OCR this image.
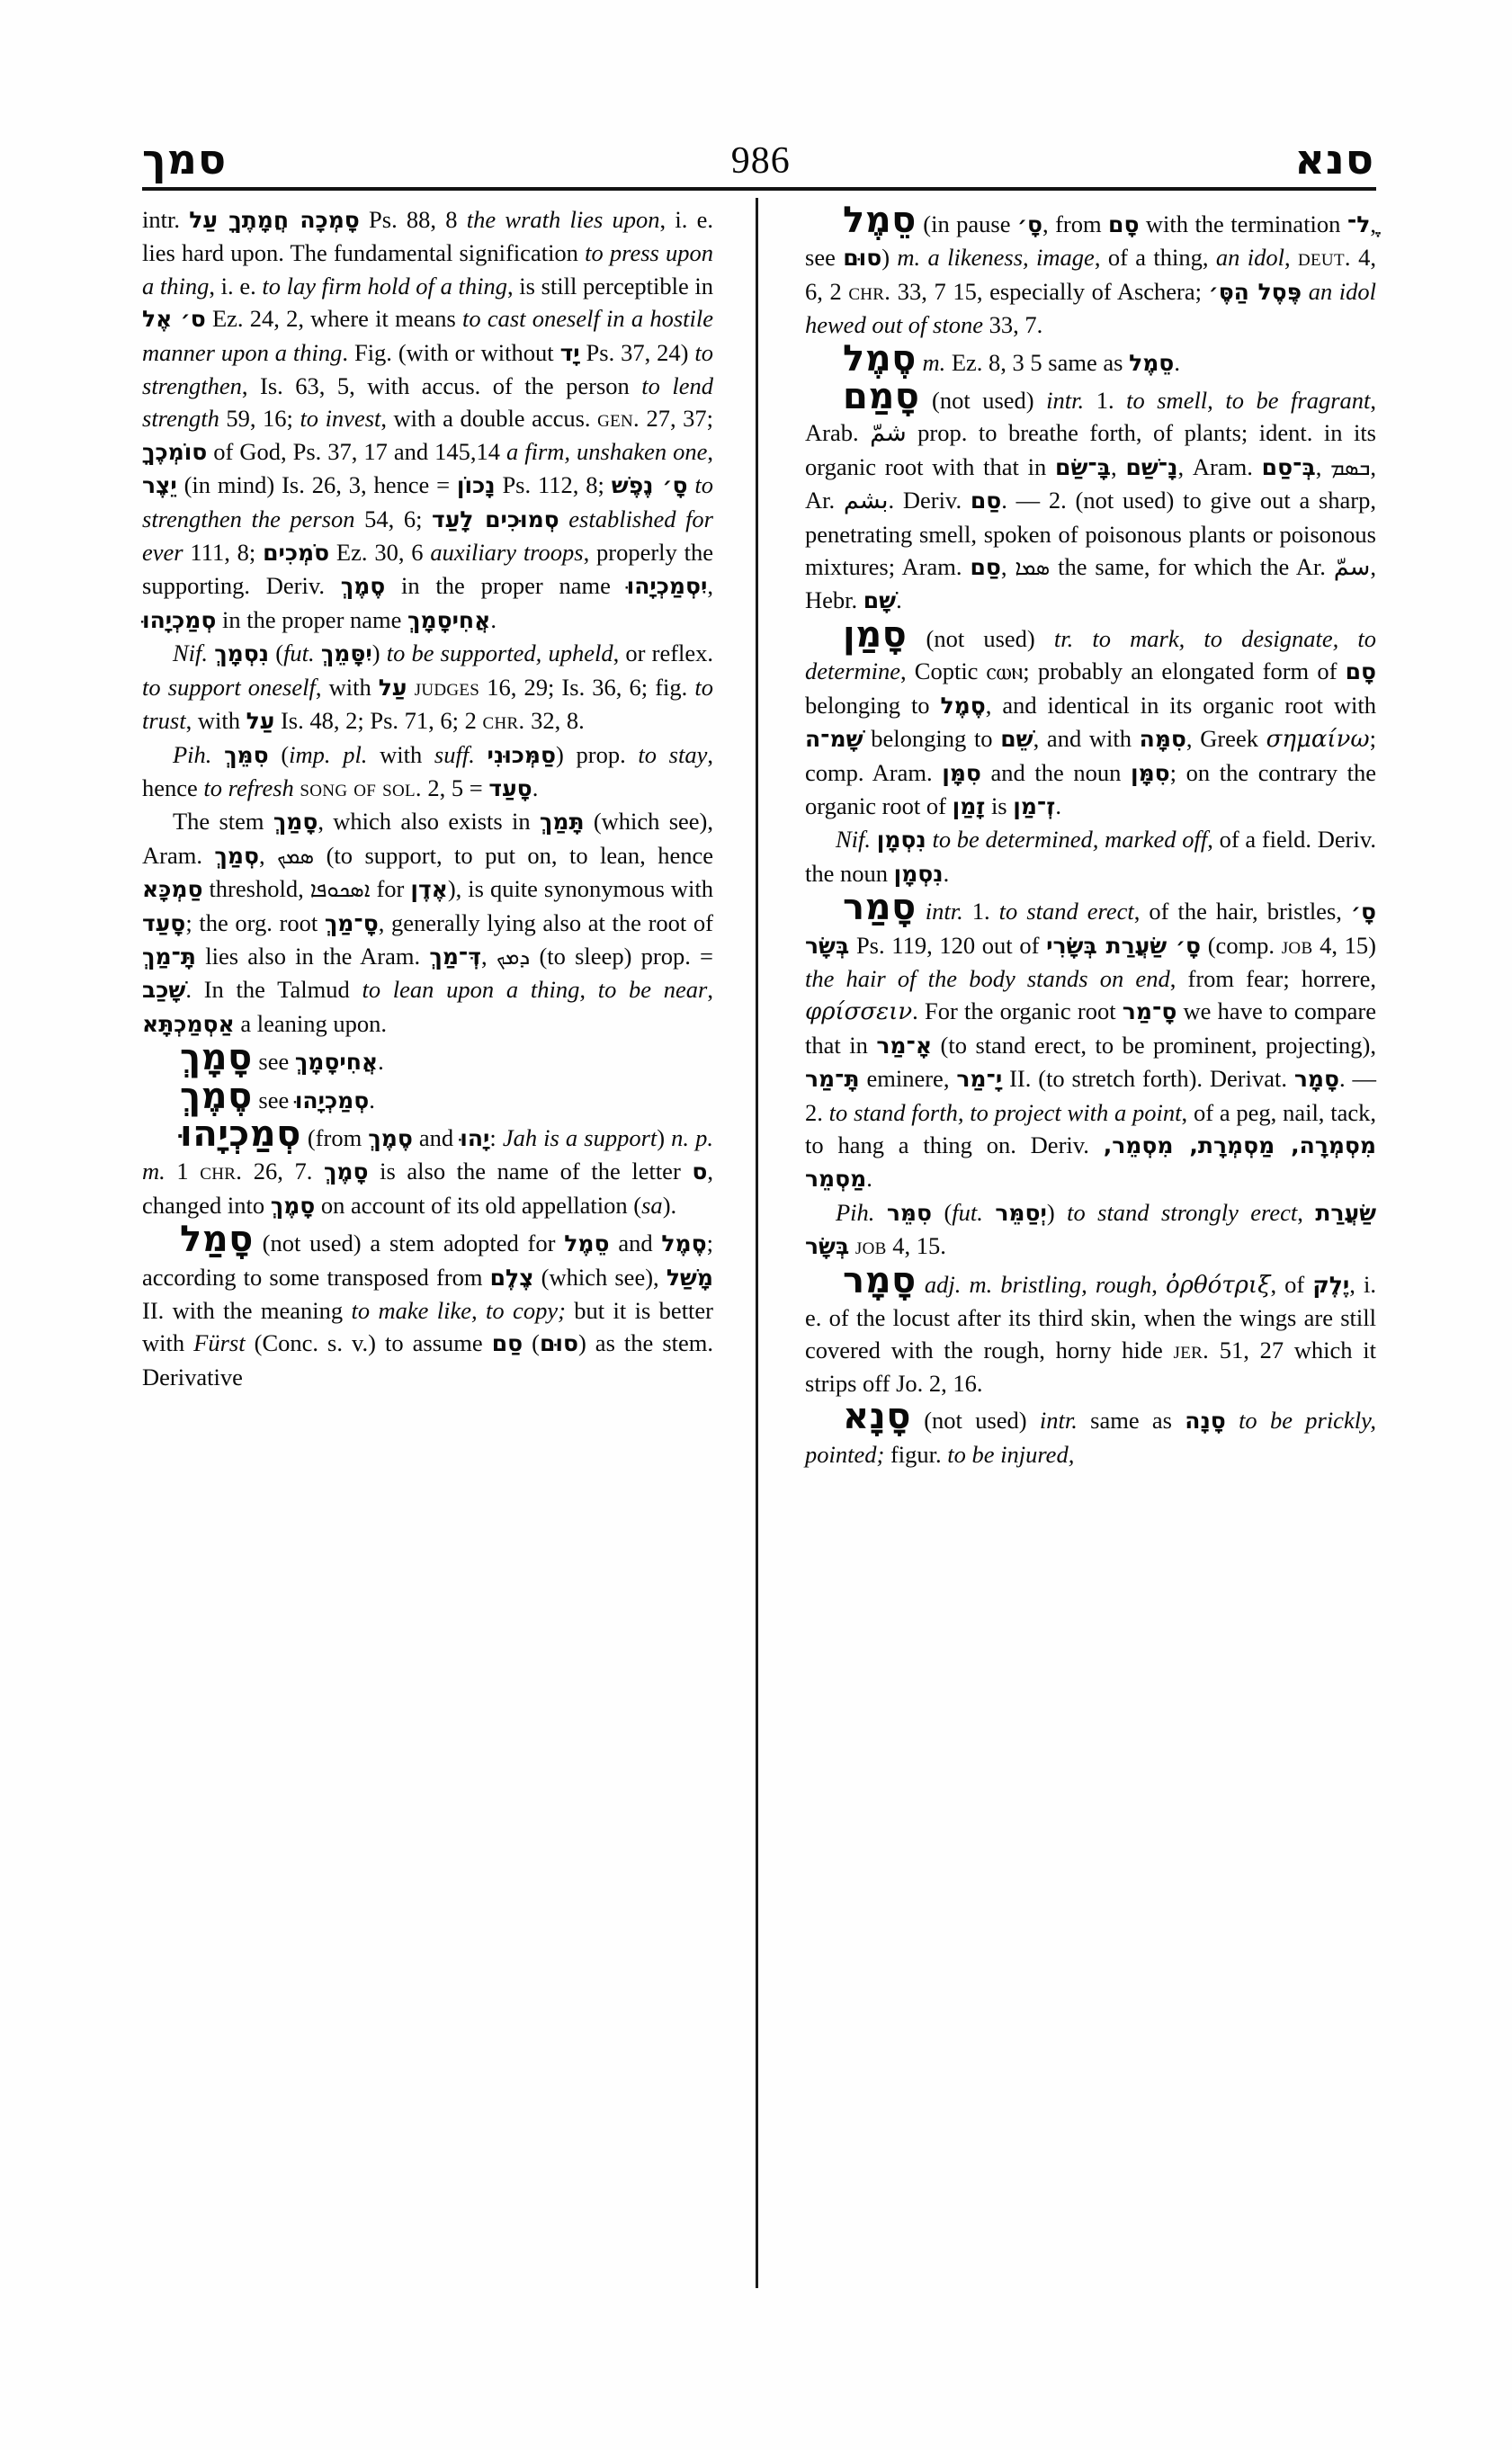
סמך	986	סנא

intr. סָמְכָה חֲמָתֶךָ עַל Ps. 88, 8 the wrath lies upon, i. e. lies hard upon. The fundamental signification to press upon a thing, i. e. to lay firm hold of a thing, is still perceptible in ס׳ אֶל Ez. 24, 2, where it means to cast oneself in a hostile manner upon a thing. Fig. (with or without יָד Ps. 37, 24) to strengthen, Is. 63, 5, with accus. of the person to lend strength 59, 16; to invest, with a double accus. gen. 27, 37; סוֹמְכֶךָ of God, Ps. 37, 17 and 145,14 a firm, unshaken one, יֵצֶר (in mind) Is. 26, 3, hence = נָכוֹן Ps. 112, 8; סָ׳ נֶפֶשׁ to strengthen the person 54, 6; סְמוּכִים לָעַד established for ever 111, 8; סֹמְכִים Ez. 30, 6 auxiliary troops, properly the supporting. Deriv. סֶמֶךְ in the proper name יִסְמַכְיָהוּ, סְמַכְיָהוּ in the proper name אֲחִיסָמָךְ.

Nif. נִסְמָךְ (fut. יִסָּמֵךְ) to be supported, upheld, or reflex. to support oneself, with עַל judges 16, 29; Is. 36, 6; fig. to trust, with עַל Is. 48, 2; Ps. 71, 6; 2 chr. 32, 8.

Pih. סִמֵּךְ (imp. pl. with suff. סַמְּכוּנִי) prop. to stay, hence to refresh song of sol. 2, 5 = סָעַד.

The stem סָמַךְ, which also exists in תָּמַךְ (which see), Aram. סְמַךְ, ܣܡܟ (to support, to put on, to lean, hence סַמְכָּא threshold, ܐܣܟܘܦܐ for אֶדֶן), is quite synonymous with סָעַד; the org. root סָ־מַךְ, generally lying also at the root of תָּ־מַךְ lies also in the Aram. דְּ־מַךְ, ܕܡܟ (to sleep) prop. = שָׁכַב. In the Talmud to lean upon a thing, to be near, אַסְמַכְתָּא a leaning upon.

סָמָךְ see אֲחִיסָמָךְ.

סֶמֶךְ see סְמַכְיָהוּ.

סְמַכְיָהוּ (from סֶמֶךְ and יָהוּ: Jah is a support) n. p. m. 1 chr. 26, 7. סָמֶךְ is also the name of the letter ס, changed into סָמֶךְ on account of its old appellation (sa).

סָמַל (not used) a stem adopted for סֵמֶל and סֶמֶל; according to some transposed from צֶלֶם (which see), מָשַׁל II. with the meaning to make like, to copy; but it is better with Fürst (Conc. s. v.) to assume סַם (סוּם) as the stem. Derivative

סֵמֶל (in pause סָ׳, from סָם with the termination ֶל־, see סוּם) m. a likeness, image, of a thing, an idol, deut. 4, 6, 2 chr. 33, 7 15, especially of Aschera; פֶּסֶל הַסֶּ׳ an idol hewed out of stone 33, 7.

סֶמֶל m. Ez. 8, 3 5 same as סֵמֶל.

סָמַם (not used) intr. 1. to smell, to be fragrant, Arab. شمّ prop. to breathe forth, of plants; ident. in its organic root with that in בָּ־שַׂם, נָ־שַׁם, Aram. בְּ־סַם, ܒܣܡ, Ar. بشم. Deriv. סַם. — 2. (not used) to give out a sharp, penetrating smell, spoken of poisonous plants or poisonous mixtures; Aram. סַם, ܣܡܐ the same, for which the Ar. سمّ, Hebr. שָׁם.

סָמַן (not used) tr. to mark, to designate, to determine, Coptic ⲥⲱⲛ; probably an elongated form of סָם belonging to סֶמֶל, and identical in its organic root with שָׁמ־ה belonging to שֵׁם, and with סִמָּה, Greek σημαίνω; comp. Aram. סִמָּן and the noun סִמָּן; on the contrary the organic root of זָמַן is זְ־מַן.

Nif. נִסְמָן to be determined, marked off, of a field. Deriv. the noun נִסְמָן.

סָמַר intr. 1. to stand erect, of the hair, bristles, סָ׳ בְּשָׂר Ps. 119, 120 out of סָ׳ שַׂעֲרַת בְּשָׂרִי (comp. job 4, 15) the hair of the body stands on end, from fear; horrere, φρίσσειν. For the organic root סָ־מַר we have to compare that in אָ־מַר (to stand erect, to be prominent, projecting), תָּ־מַר eminere, יָ־מַר II. (to stretch forth). Derivat. סָמָר. — 2. to stand forth, to project with a point, of a peg, nail, tack, to hang a thing on. Deriv. מִסְמְרָה, מַסְמְרָת, מִסְמֵר, מַסְמֵר.

Pih. סִמֵּר (fut. יְסַמֵּר) to stand strongly erect, שַׂעֲרַת בְּשָׂר job 4, 15.

סָמָר adj. m. bristling, rough, ὀρθότριξ, of יֶלֶק, i. e. of the locust after its third skin, when the wings are still covered with the rough, horny hide jer. 51, 27 which it strips off Jo. 2, 16.

סָנָא (not used) intr. same as סָנָה to be prickly, pointed; figur. to be injured,
